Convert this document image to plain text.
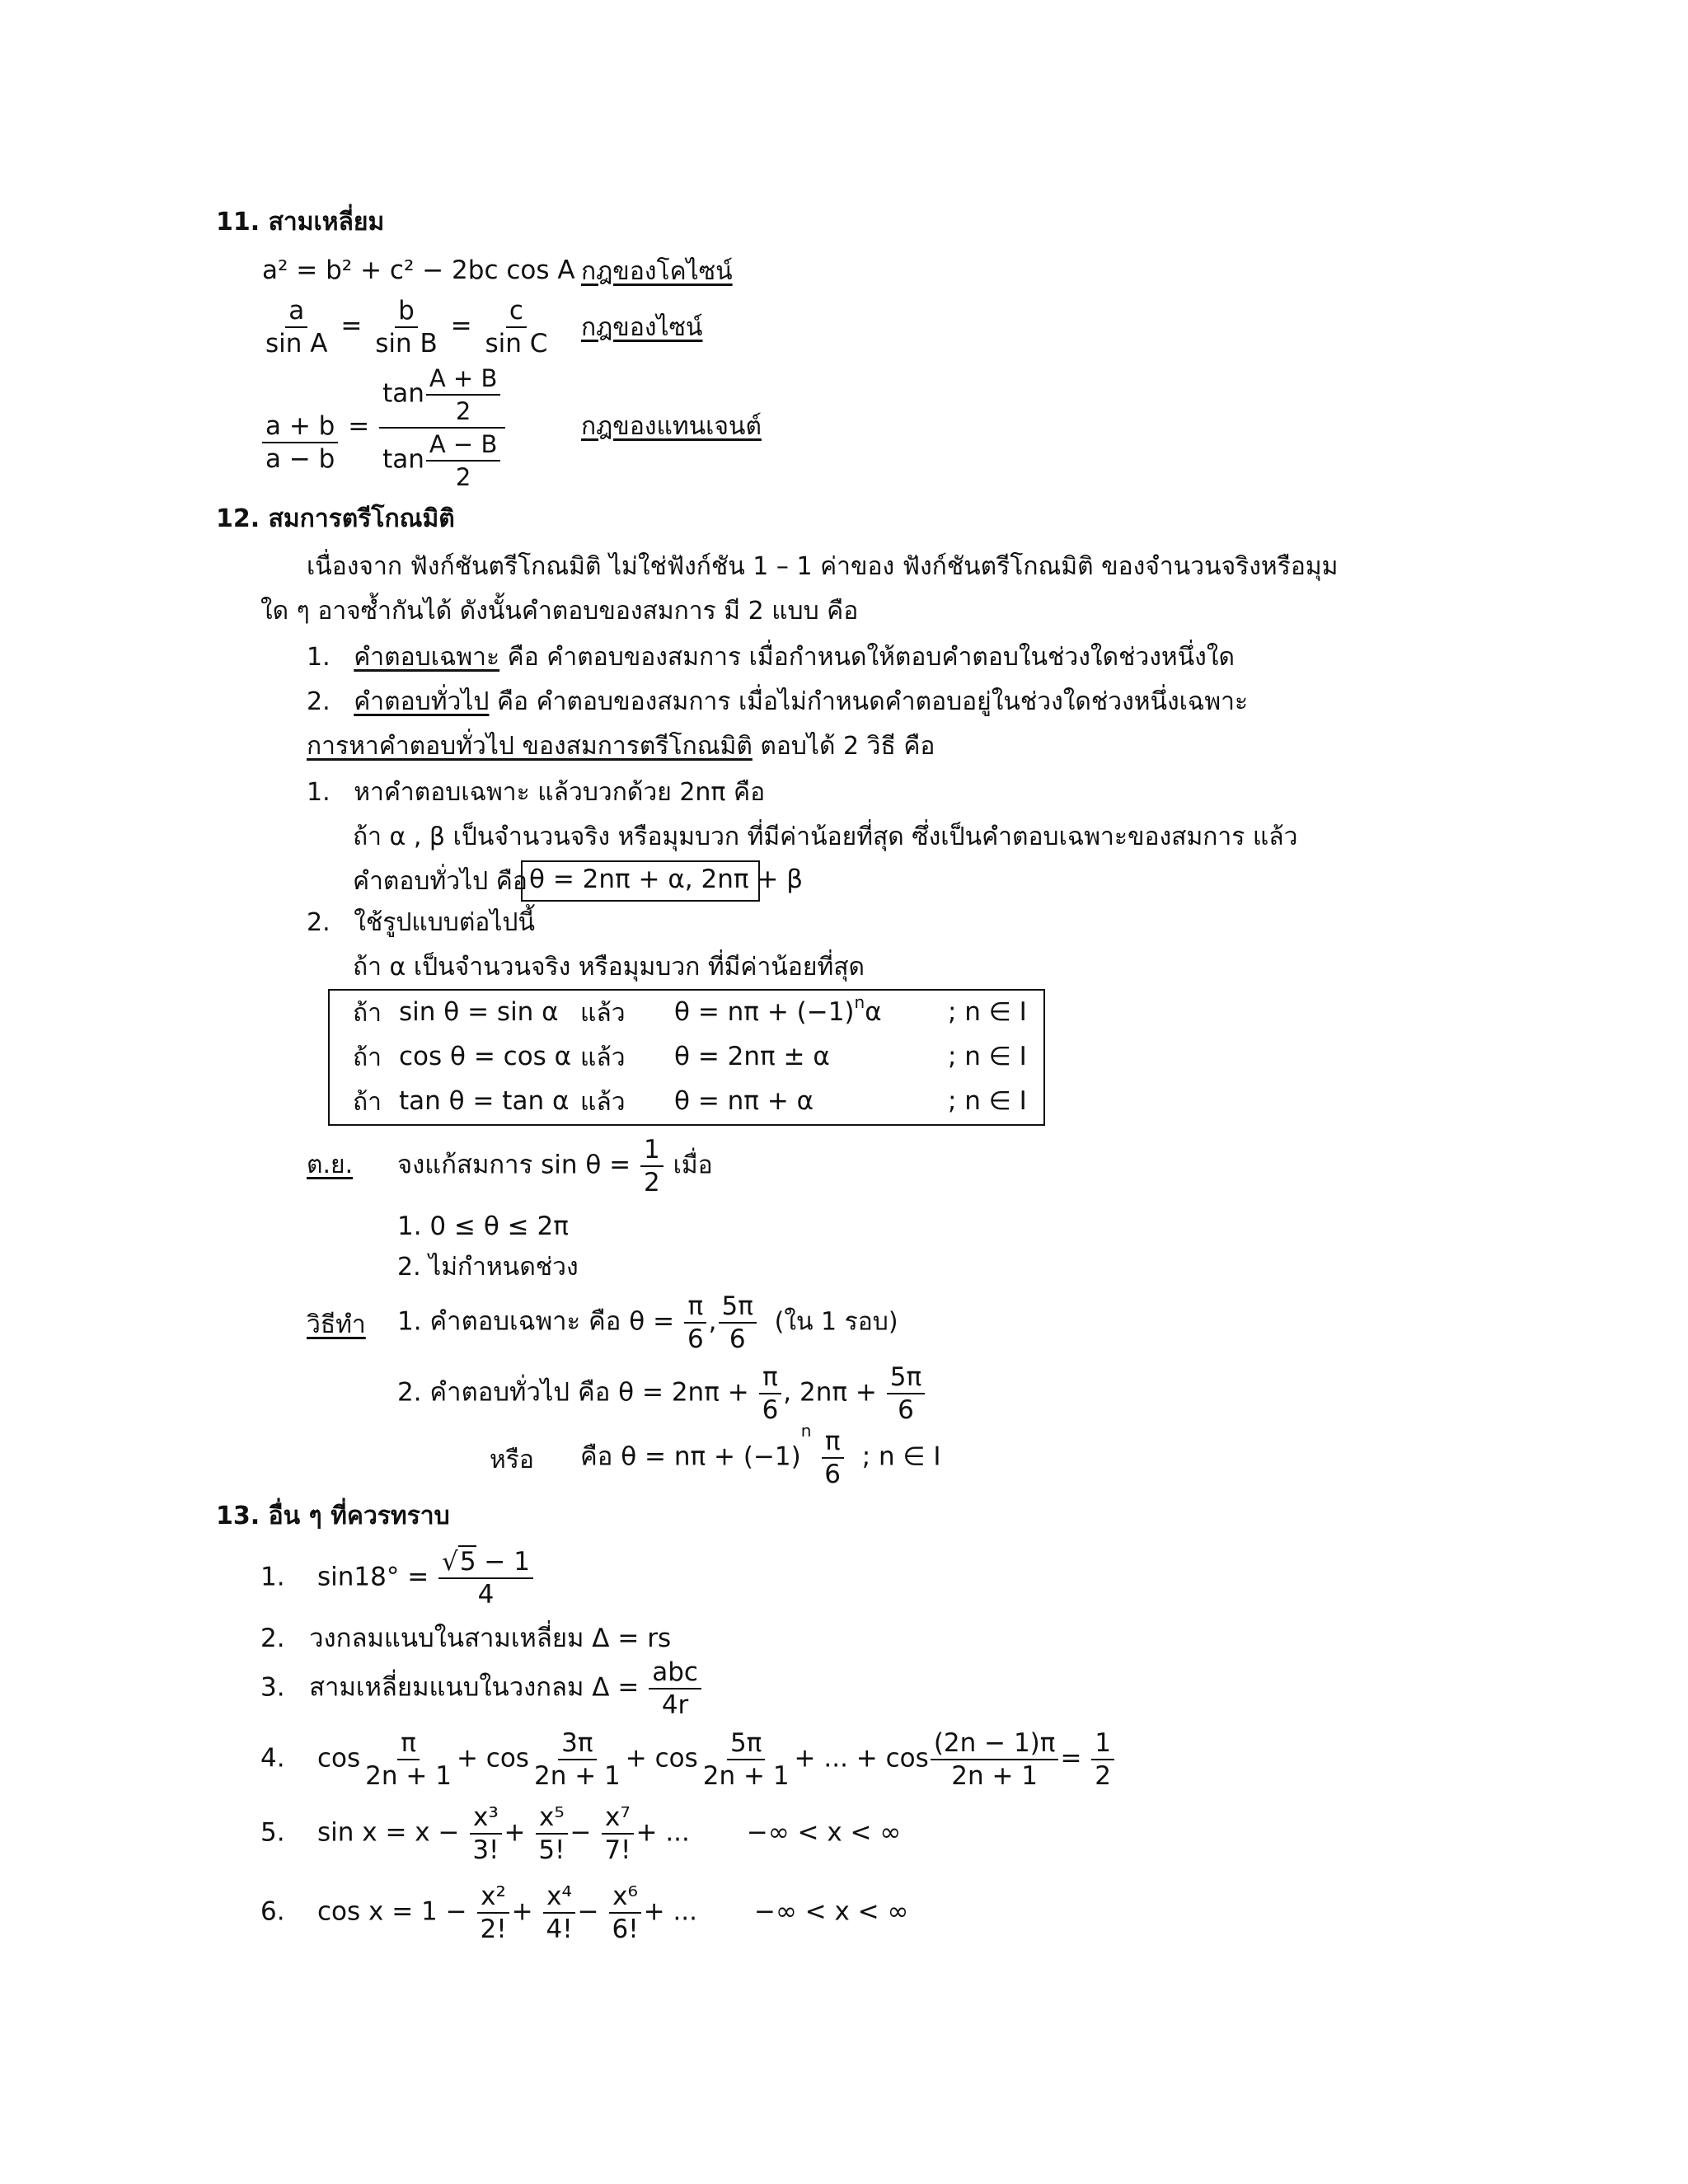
11. สามเหลี่ยม
a² = b² + c² − 2bc cos A กฎของโคไซน์
$\frac{a}{\text{sin A}} = \frac{b}{\text{sin B}} = \frac{c}{\text{sin C}}$ กฎของไซน์
$\frac{a + b}{a - b} = \frac{\tan \frac{A + B}{2}}{\tan \frac{A - B}{2}}$	กฎของแทนเจนต์
12. สมการตรีโกณมิติ
เนื่องจาก ฟังก์ชันตรีโกณมิติ ไม่ใช่ฟังก์ชัน 1 – 1 ค่าของ ฟังก์ชันตรีโกณมิติ ของจำนวนจริงหรือมุม
ใด ๆ อาจซ้ำกันได้ ดังนั้นคำตอบของสมการ มี 2 แบบ คือ
1. คำตอบเฉพาะ คือ คำตอบของสมการ เมื่อกำหนดให้ตอบคำตอบในช่วงใดช่วงหนึ่งใด
2. คำตอบทั่วไป คือ คำตอบของสมการ เมื่อไม่กำหนดคำตอบอยู่ในช่วงใดช่วงหนึ่งเฉพาะ
การหาคำตอบทั่วไป ของสมการตรีโกณมิติ ตอบได้ 2 วิธี คือ
1. หาคำตอบเฉพาะ แล้วบวกด้วย 2nπ คือ
ถ้า α , β เป็นจำนวนจริง หรือมุมบวก ที่มีค่าน้อยที่สุด ซึ่งเป็นคำตอบเฉพาะของสมการ แล้ว
คำตอบทั่วไป คือ θ = 2nπ + α, 2nπ + β
2. ใช้รูปแบบต่อไปนี้
ถ้า α เป็นจำนวนจริง หรือมุมบวก ที่มีค่าน้อยที่สุด
ถ้า sin θ = sin α แล้ว $\theta = n\pi + (-1)^n\alpha$	; n ∈ I
ถ้า cos θ = cos α แล้ว θ = 2nπ ± α	; n ∈ I
ถ้า tan θ = tan α แล้ว θ = nπ + α	; n ∈ I
ต.ย. จงแก้สมการ $\sin \theta = \frac{1}{2}$ เมื่อ
1. 0 ≤ θ ≤ 2π
2. ไม่กำหนดช่วง
วิธีทำ 1. คำตอบเฉพาะ คือ $\theta = \frac{\pi}{6}$ , $\frac{5\pi}{6}$ (ใน 1 รอบ)
2. คำตอบทั่วไป คือ $\theta = 2n\pi + \frac{\pi}{6}$ , $2n\pi + \frac{5\pi}{6}$
หรือ คือ $\theta = n\pi + (-1)^n \frac{\pi}{6}$ ; n ∈ I
13. อื่น ๆ ที่ควรทราบ
1. $\sin 18^\circ = \frac{√5 - 1}{4}$
2. วงกลมแนบในสามเหลี่ยม Δ = rs
3. สามเหลี่ยมแนบในวงกลม $\Delta = \frac{\text{abc}}{4r}$
4. $\cos \frac{\pi}{2n + 1} + \cos \frac{3\pi}{2n + 1} + \cos \frac{5\pi}{2n + 1}$ + ... + $\cos \frac{(2n - 1)\pi}{2n + 1} = \frac{1}{2}$
5. $\sin x = x - \frac{\text{x³}}{3!} + \frac{\text{x⁵}}{5!} - \frac{\text{x⁷}}{7!}$ + ... −∞ < x < ∞
6. $\cos x = 1 - \frac{\text{x²}}{2!} + \frac{\text{x⁴}}{4!} - \frac{\text{x⁶}}{6!}$ + ... −∞ < x < ∞
